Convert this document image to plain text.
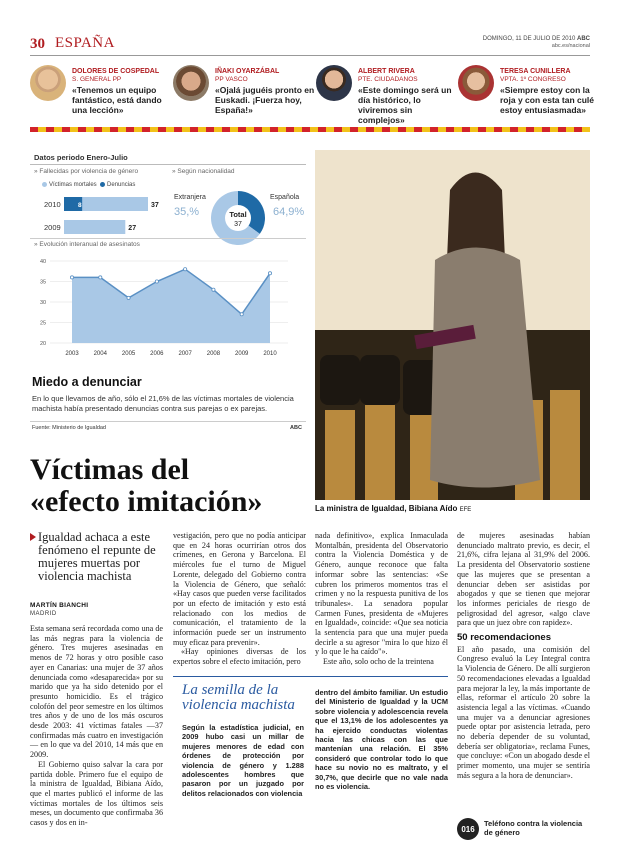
30 ESPAÑA	DOMINGO, 11 DE JULIO DE 2010 ABC
abc.es/nacional
DOLORES DE COSPEDAL
S. GENERAL PP
«Tenemos un equipo fantástico, está dando una lección»
IÑAKI OYARZÁBAL
PP VASCO
«Ojalá juguéis pronto en Euskadi. ¡Fuerza hoy, España!»
ALBERT RIVERA
PTE. CIUDADANOS
«Este domingo será un día histórico, lo viviremos sin complejos»
TERESA CUNILLERA
VPTA. 1º CONGRESO
«Siempre estoy con la roja y con esta tan culé estoy entusiasmada»
Datos periodo Enero-Julio
» Fallecidas por violencia de género	» Según nacionalidad
Víctimas mortales Denuncias
2010
2009
37
27
8
Extranjera
35,%
Española
64,9%
Total
37
» Evolución interanual de asesinatos
40
35
30
25
20
2003 2004 2005 2006 2007 2008 2009 2010
Miedo a denunciar
En lo que llevamos de año, sólo el 21,6% de las víctimas mortales de violencia machista había presentado denuncias contra sus parejas o ex parejas.
Fuente: Ministerio de Igualdad	ABC
La ministra de Igualdad, Bibiana Aído EFE
Víctimas del
«efecto imitación»
Igualdad achaca a este fenómeno el repunte de mujeres muertas por violencia machista
MARTÍN BIANCHI
MADRID

Esta semana será recordada como una de las más negras para la violencia de género. Tres mujeres asesinadas en menos de 72 horas y otro posible caso ayer en Canarias: una mujer de 37 años denunciada como «desaparecida» por su marido que ya ha sido detenido por el presunto homicidio. Es el trágico colofón del peor semestre en los últimos tres años y de uno de los más oscuros desde 2003: 41 víctimas fatales —37 confirmadas más cuatro en investigación— en lo que va del 2010, 14 más que en 2009.

El Gobierno quiso salvar la cara por partida doble. Primero fue el equipo de la ministra de Igualdad, Bibiana Aído, que el martes publicó el informe de las víctimas mortales de los últimos seis meses, un documento que confirmaba 36 casos y dos en in-

vestigación, pero que no podía anticipar que en 24 horas ocurrirían otros dos crímenes, en Gerona y Barcelona. El miércoles fue el turno de Miguel Lorente, delegado del Gobierno contra la Violencia de Género, que señaló: «Hay casos que pueden verse facilitados por un efecto de imitación y esto está relacionado con los medios de comunicación, el tratamiento de la información puede ser un instrumento muy eficaz para prevenir».

«Hay opiniones diversas de los expertos sobre el efecto imitación, pero

nada definitivo», explica Inmaculada Montalbán, presidenta del Observatorio contra la Violencia Doméstica y de Género, aunque reconoce que falta informar sobre las sentencias: «Se cubren los primeros momentos tras el crimen y no la respuesta punitiva de los tribunales». La senadora popular Carmen Funes, presidenta de «Mujeres en Igualdad», coincide: «Que sea noticia la sentencia para que una mujer pueda decirle a su agresor "mira lo que hizo él y lo que le ha caído"».

Este año, solo ocho de la treintena

de mujeres asesinadas habían denunciado maltrato previo, es decir, el 21,6%, cifra lejana al 31,9% del 2006. La presidenta del Observatorio sostiene que las mujeres que se presentan a denunciar deben ser asistidas por abogados y que se tienen que mejorar los informes periciales de riesgo de peligrosidad del agresor, «algo clave para que un juez obre con rapidez».

50 recomendaciones

El año pasado, una comisión del Congreso evaluó la Ley Integral contra la Violencia de Género. De allí surgieron 50 recomendaciones elevadas a Igualdad para mejorar la ley, la más importante de ellas, reformar el artículo 20 sobre la asistencia legal a las víctimas. «Cuando una mujer va a denunciar agresiones puede optar por asistencia letrada, pero no debería depender de su voluntad, debería ser obligatoria», reclama Funes, que concluye: «Con un abogado desde el primer momento, una mujer se sentiría más segura a la hora de denunciar».

La semilla de la violencia machista
Según la estadística judicial, en 2009 hubo casi un millar de mujeres menores de edad con órdenes de protección por violencia de género y 1.288 adolescentes hombres que pasaron por un juzgado por delitos relacionados con violencia
dentro del ámbito familiar. Un estudio del Ministerio de Igualdad y la UCM sobre violencia y adolescencia revela que el 13,1% de los adolescentes ya ha ejercido conductas violentas hacia las chicas con las que mantenían una relación. El 35% consideró que controlar todo lo que hace su novio no es maltrato, y el 30,7%, que decirle que no vale nada no es violencia.
016
Teléfono contra la violencia de género
